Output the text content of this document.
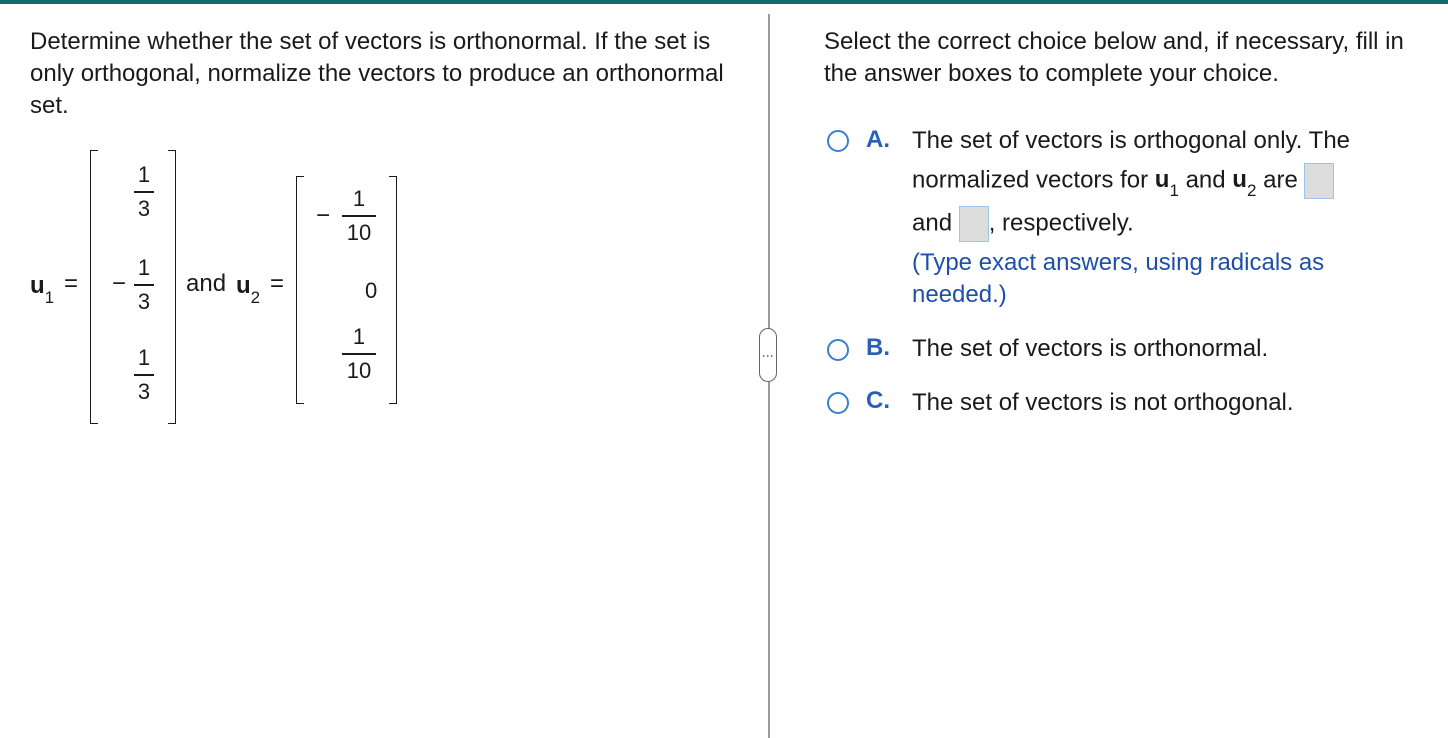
Determine whether the set of vectors is orthonormal. If the set is only orthogonal, normalize the vectors to produce an orthonormal set.
$u_1$
=
1
3
−
1
3
1
3
and $u_2$
=
−
1
10
0
1
10
⋮
Select the correct choice below and, if necessary, fill in the answer boxes to complete your choice.
A. The set of vectors is orthogonal only. The
normalized vectors for $u_1$ and $u_2$ are
and , respectively.
(Type exact answers, using radicals as needed.)
B. The set of vectors is orthonormal.
C. The set of vectors is not orthogonal.
